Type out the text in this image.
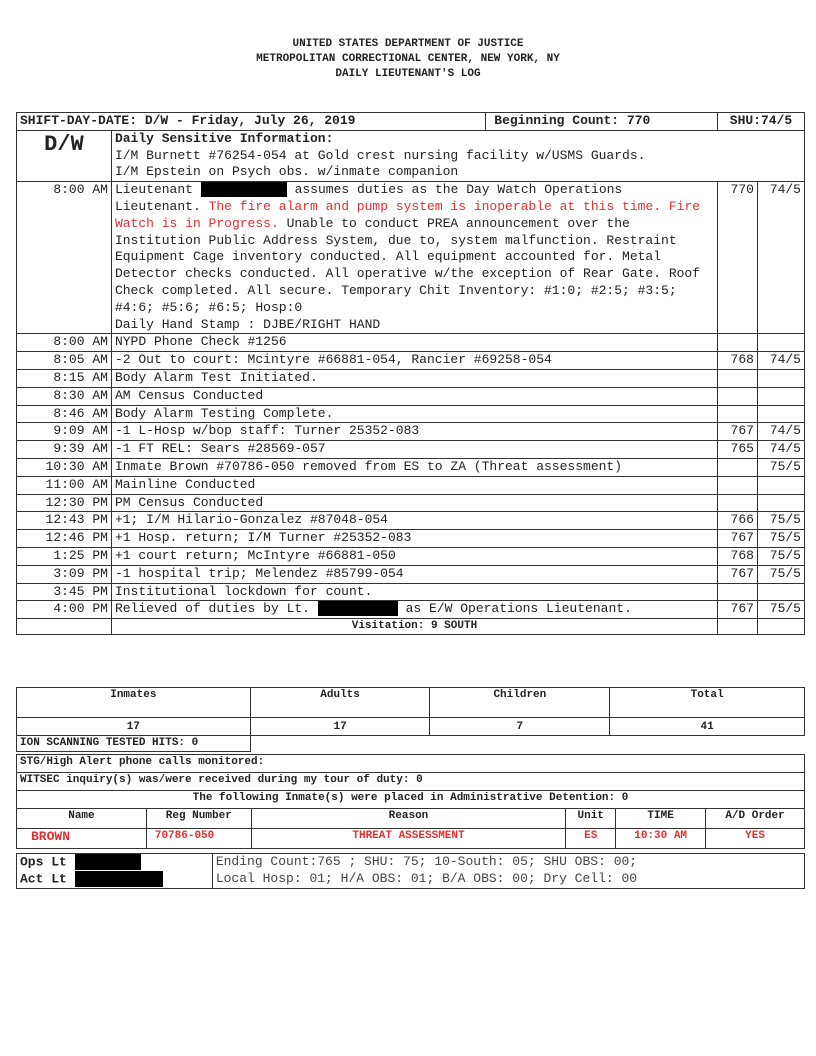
UNITED STATES DEPARTMENT OF JUSTICE
METROPOLITAN CORRECTIONAL CENTER, NEW YORK, NY
DAILY LIEUTENANT'S LOG
SHIFT-DAY-DATE: D/W - Friday, July 26, 2019		Beginning Count: 770	SHU:74/5	
D/W	Daily Sensitive Information:
I/M Burnett #76254-054 at Gold crest nursing facility w/USMS Guards.
I/M Epstein on Psych obs. w/inmate companion			

8:00 AM	Lieutenant assumes duties as the Day Watch Operations Lieutenant. The fire alarm and pump system is inoperable at this time. Fire Watch is in Progress. Unable to conduct PREA announcement over the Institution Public Address System, due to, system malfunction. Restraint Equipment Cage inventory conducted. All equipment accounted for. Metal Detector checks conducted. All operative w/the exception of Rear Gate. Roof Check completed. All secure. Temporary Chit Inventory: #1:0; #2:5; #3:5; #4:6; #5:6; #6:5; Hosp:0
Daily Hand Stamp : DJBE/RIGHT HAND		770	74/5
8:00 AM	NYPD Phone Check #1256			
8:05 AM	-2 Out to court: Mcintyre #66881-054, Rancier #69258-054		768	74/5
8:15 AM	Body Alarm Test Initiated.			
8:30 AM	AM Census Conducted			
8:46 AM	Body Alarm Testing Complete.			
9:09 AM	-1 L-Hosp w/bop staff: Turner 25352-083		767	74/5
9:39 AM	-1 FT REL: Sears #28569-057		765	74/5
10:30 AM	Inmate Brown #70786-050 removed from ES to ZA (Threat assessment)			75/5
11:00 AM	Mainline Conducted			
12:30 PM	PM Census Conducted			
12:43 PM	+1; I/M Hilario-Gonzalez #87048-054		766	75/5
12:46 PM	+1 Hosp. return; I/M Turner #25352-083		767	75/5
1:25 PM	+1 court return; McIntyre #66881-050		768	75/5
3:09 PM	-1 hospital trip; Melendez #85799-054		767	75/5
3:45 PM	Institutional lockdown for count.			
4:00 PM	Relieved of duties by Lt. as E/W Operations Lieutenant.		767	75/5
	Visitation: 9 SOUTH			
Inmates	Adults	Children	Total
17	17	7	41
ION SCANNING TESTED HITS: 0			
STG/High Alert phone calls monitored:					
WITSEC inquiry(s) was/were received during my tour of duty: 0					
The following Inmate(s) were placed in Administrative Detention: 0					
Name	Reg Number	Reason	Unit	TIME	A/D Order
BROWN	70786-050	THREAT ASSESSMENT	ES	10:30 AM	YES
Ops Lt
Act Lt

Ending Count:765 ; SHU: 75; 10-South: 05; SHU OBS: 00;
Local Hosp: 01; H/A OBS: 01; B/A OBS: 00; Dry Cell: 00
